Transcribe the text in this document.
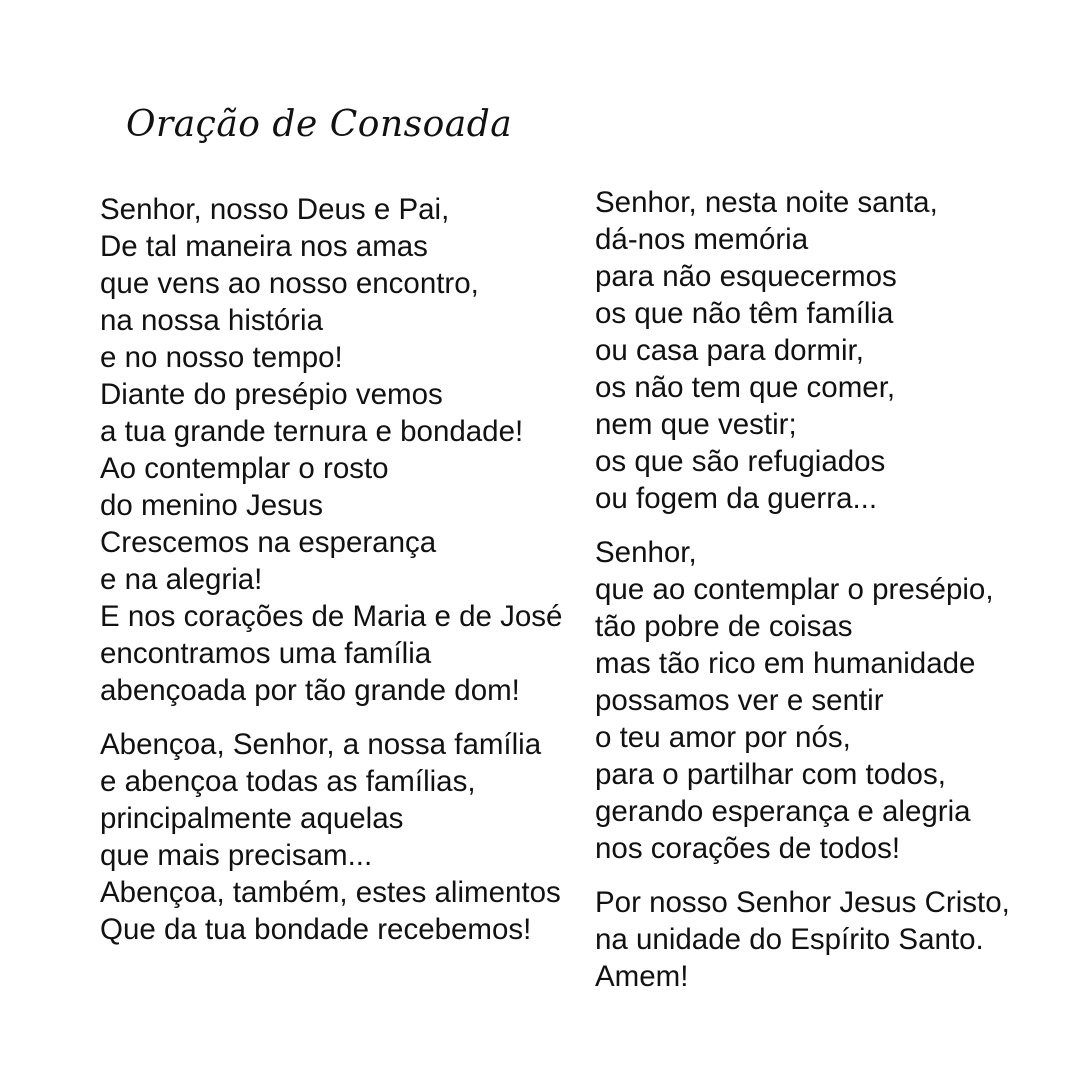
Oração de Consoada
Senhor, nosso Deus e Pai,
De tal maneira nos amas
que vens ao nosso encontro,
na nossa história
e no nosso tempo!
Diante do presépio vemos
a tua grande ternura e bondade!
Ao contemplar o rosto
do menino Jesus
Crescemos na esperança
e na alegria!
E nos corações de Maria e de José
encontramos uma família
abençoada por tão grande dom!
Abençoa, Senhor, a nossa família
e abençoa todas as famílias,
principalmente aquelas
que mais precisam...
Abençoa, também, estes alimentos
Que da tua bondade recebemos!
Senhor, nesta noite santa,
dá-nos memória
para não esquecermos
os que não têm família
ou casa para dormir,
os não tem que comer,
nem que vestir;
os que são refugiados
ou fogem da guerra...
Senhor,
que ao contemplar o presépio,
tão pobre de coisas
mas tão rico em humanidade
possamos ver e sentir
o teu amor por nós,
para o partilhar com todos,
gerando esperança e alegria
nos corações de todos!
Por nosso Senhor Jesus Cristo,
na unidade do Espírito Santo.
Amem!
